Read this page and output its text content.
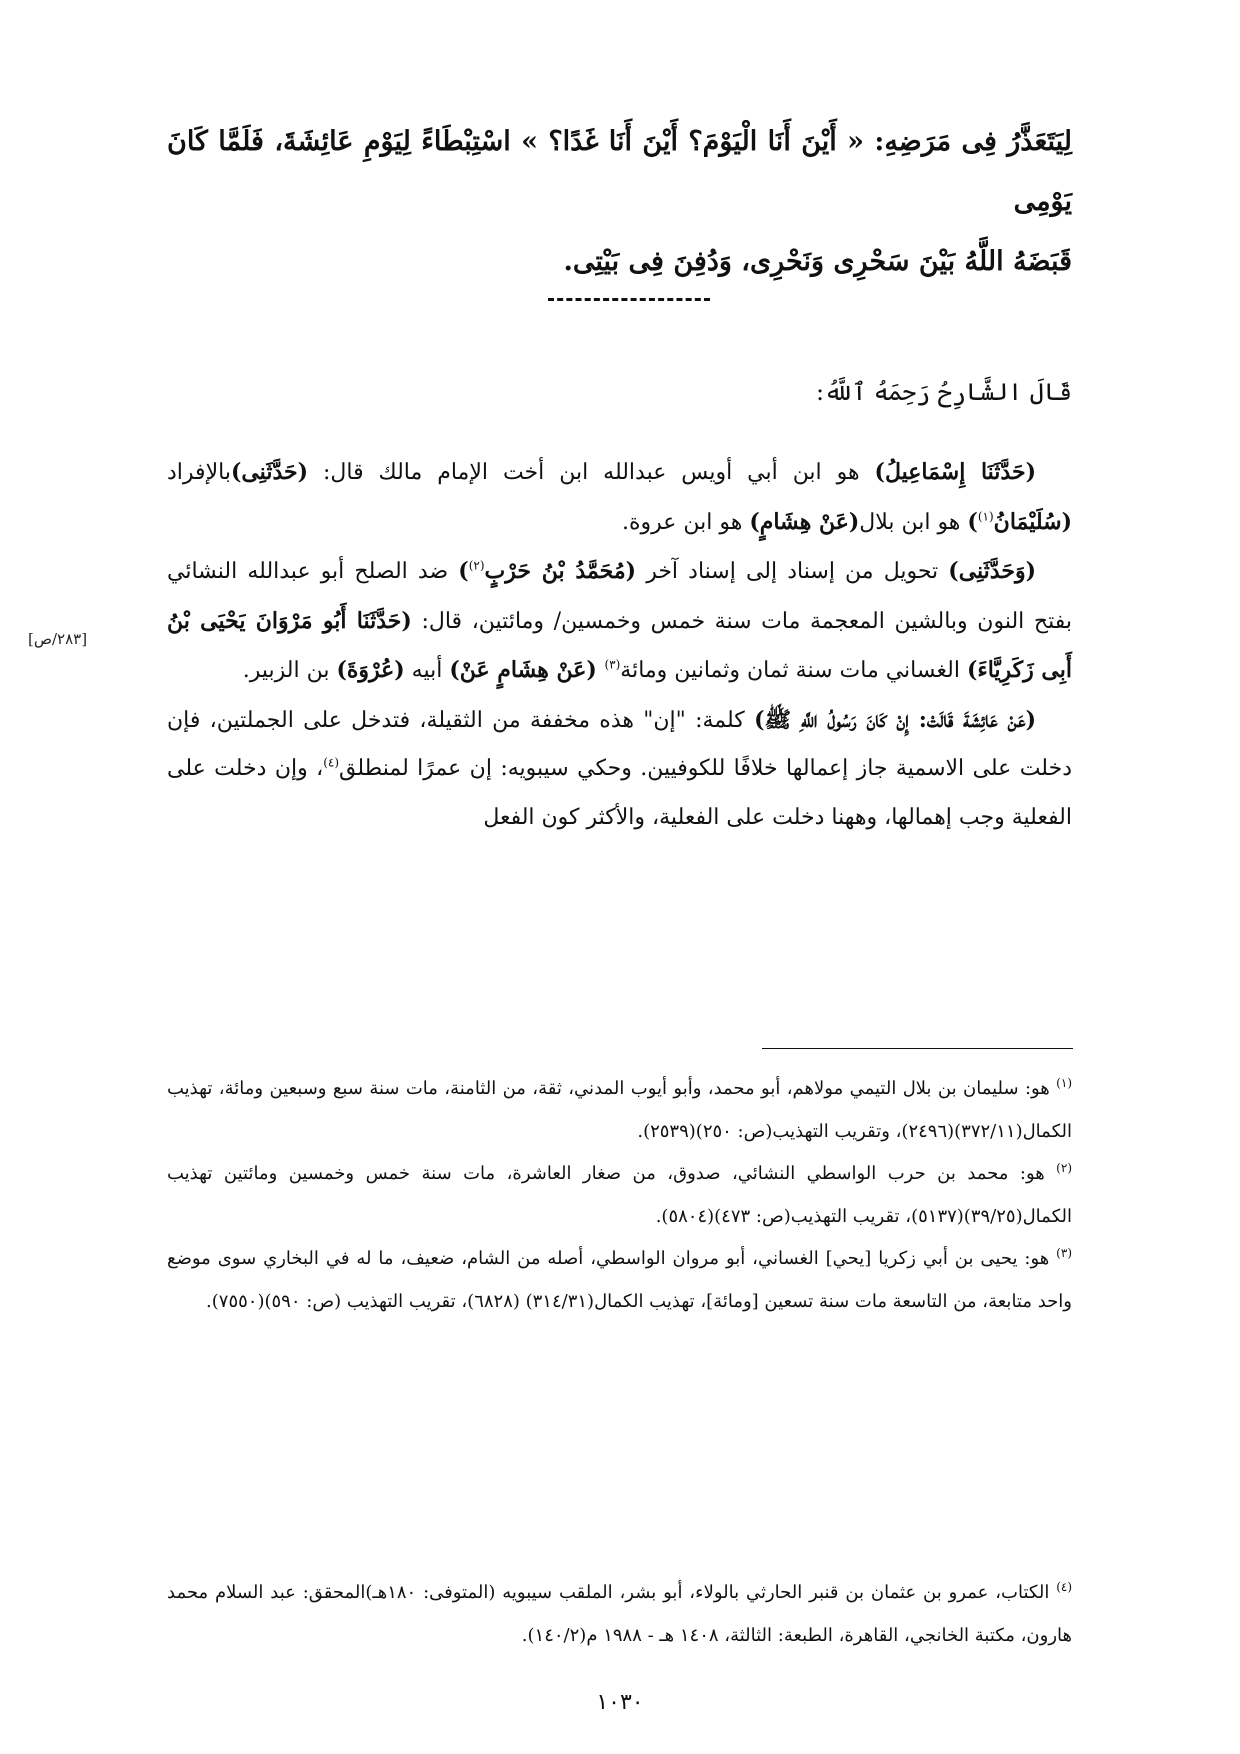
لِيَتَعَذَّرُ فِى مَرَضِهِ: « أَيْنَ أَنَا الْيَوْمَ؟ أَيْنَ أَنَا غَدًا؟ » اسْتِبْطَاءً لِيَوْمِ عَائِشَةَ، فَلَمَّا كَانَ يَوْمِى

قَبَضَهُ اللَّهُ بَيْنَ سَحْرِى وَنَحْرِى، وَدُفِنَ فِى بَيْتِى.

قَالَ الشَّارِحُ رَحِمَهُ ٱللَّهُ:

(حَدَّثَنَا إِسْمَاعِيلُ) هو ابن أبي أويس عبدالله ابن أخت الإمام مالك قال: (حَدَّثَنِى)بالإفراد

(سُلَيْمَانُ$^{(١)}$) هو ابن بلال(عَنْ هِشَامٍ) هو ابن عروة.

(وَحَدَّثَنِى) تحويل من إسناد إلى إسناد آخر (مُحَمَّدُ بْنُ حَرْبٍ$^{(٢)}$) ضد الصلح أبو عبدالله النشائي بفتح النون وبالشين المعجمة مات سنة خمس وخمسين/ ومائتين، قال: (حَدَّثَنَا أَبُو مَرْوَانَ يَحْيَى بْنُ أَبِى زَكَرِيَّاءَ) الغساني مات سنة ثمان وثمانين ومائة$^{(٣)}$ (عَنْ هِشَامٍ عَنْ) أبيه (عُرْوَةَ) بن الزبير.

(عَنْ عَائِشَةَ قَالَتْ: إِنْ كَانَ رَسُولُ اللَّهِ ﷺ) كلمة: "إن" هذه مخففة من الثقيلة، فتدخل على الجملتين، فإن دخلت على الاسمية جاز إعمالها خلافًا للكوفيين. وحكي سيبويه: إن عمرًا لمنطلق$^{(٤)}$، وإن دخلت على الفعلية وجب إهمالها، وههنا دخلت على الفعلية، والأكثر كون الفعل

[٢٨٣/ص]

$^{(١)}$ هو: سليمان بن بلال التيمي مولاهم، أبو محمد، وأبو أيوب المدني، ثقة، من الثامنة، مات سنة سبع وسبعين ومائة، تهذيب الكمال(٣٧٢/١١)(٢٤٩٦)، وتقريب التهذيب(ص: ٢٥٠)(٢٥٣٩).

$^{(٢)}$ هو: محمد بن حرب الواسطي النشائي، صدوق، من صغار العاشرة، مات سنة خمس وخمسين ومائتين تهذيب الكمال(٣٩/٢٥)(٥١٣٧)، تقريب التهذيب(ص: ٤٧٣)(٥٨٠٤).

$^{(٣)}$ هو: يحيى بن أبي زكريا [يحي] الغساني، أبو مروان الواسطي، أصله من الشام، ضعيف، ما له في البخاري سوى موضع واحد متابعة، من التاسعة مات سنة تسعين [ومائة]، تهذيب الكمال(٣١٤/٣١) (٦٨٢٨)، تقريب التهذيب (ص: ٥٩٠)(٧٥٥٠).

$^{(٤)}$ الكتاب، عمرو بن عثمان بن قنبر الحارثي بالولاء، أبو بشر، الملقب سيبويه (المتوفى: ١٨٠هـ)المحقق: عبد السلام محمد هارون، مكتبة الخانجي، القاهرة، الطبعة: الثالثة، ١٤٠٨ هـ - ١٩٨٨ م(١٤٠/٢).

١٠٣٠
